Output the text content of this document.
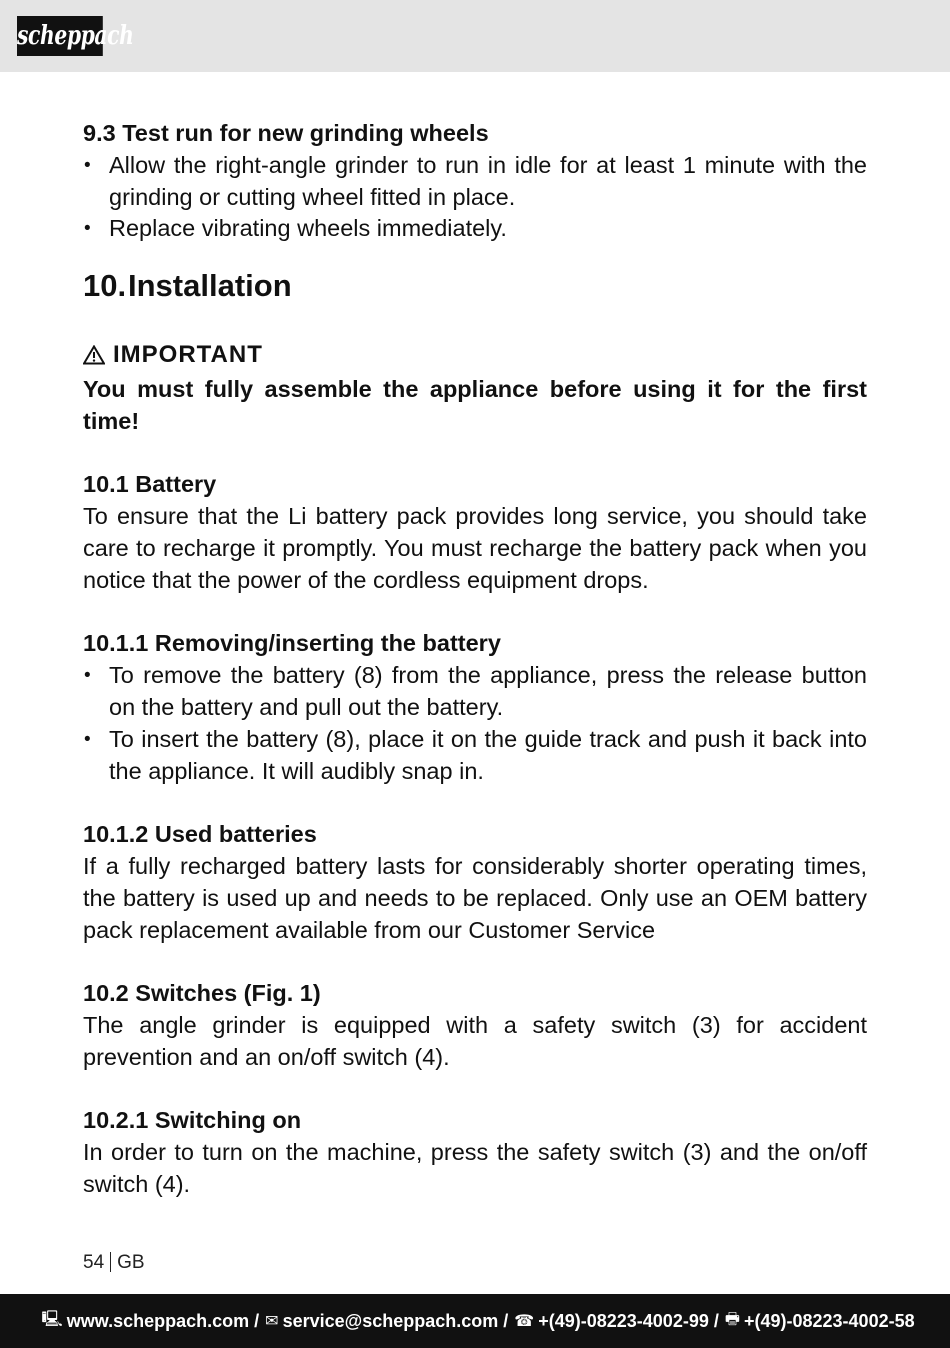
scheppach

9.3 Test run for new grinding wheels

• Allow the right-angle grinder to run in idle for at least 1 minute with the grinding or cutting wheel fitted in place.
• Replace vibrating wheels immediately.
10.Installation
IMPORTANT

You must fully assemble the appliance before using it for the first time!

10.1 Battery

To ensure that the Li battery pack provides long service, you should take care to recharge it promptly. You must recharge the battery pack when you notice that the power of the cordless equipment drops.

10.1.1 Removing/inserting the battery

• To remove the battery (8) from the appliance, press the release button on the battery and pull out the battery.
• To insert the battery (8), place it on the guide track and push it back into the appliance. It will audibly snap in.

10.1.2 Used batteries

If a fully recharged battery lasts for considerably shorter operating times, the battery is used up and needs to be replaced. Only use an OEM battery pack replacement available from our Customer Service

10.2 Switches (Fig. 1)

The angle grinder is equipped with a safety switch (3) for accident prevention and an on/off switch (4).

10.2.1 Switching on

In order to turn on the machine, press the safety switch (3) and the on/off switch (4).

54 GB
🖳 www.scheppach.com
/ ✉ service@scheppach.com
/ ☎ +(49)-08223-4002-99
/ 🖶 +(49)-08223-4002-58
